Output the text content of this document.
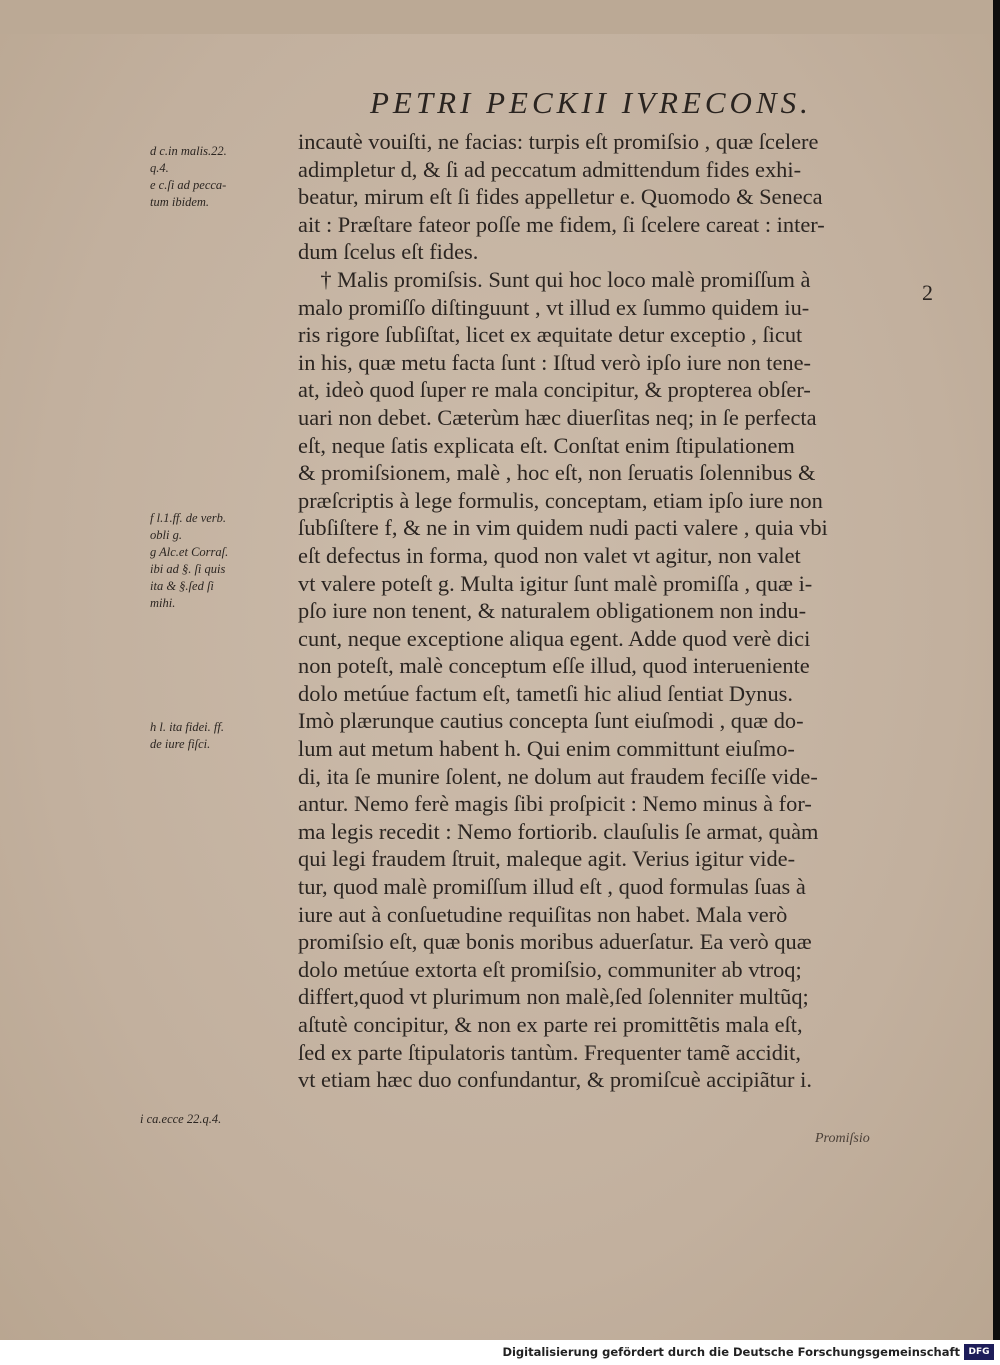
PETRI PECKII IVRECONS.
d c.in malis.22.
q.4.
e c.ſi ad pecca-
tum ibidem.
f l.1.ff. de verb.
obli g.
g Alc.et Corraſ.
ibi ad §. ſi quis
ita & §.ſed ſi
mihi.
h l. ita fidei. ff.
de iure fiſci.
i ca.ecce 22.q.4.
incautè vouiſti, ne facias: turpis eſt promiſsio , quæ ſcelere
adimpletur d, & ſi ad peccatum admittendum fides exhi-
beatur, mirum eſt ſi fides appelletur e. Quomodo & Seneca
ait : Præſtare fateor poſſe me fidem, ſi ſcelere careat : inter-
dum ſcelus eſt fides.
† Malis promiſsis. Sunt qui hoc loco malè promiſſum à
malo promiſſo diſtinguunt , vt illud ex ſummo quidem iu-
ris rigore ſubſiſtat, licet ex æquitate detur exceptio , ſicut
in his, quæ metu facta ſunt : Iſtud verò ipſo iure non tene-
at, ideò quod ſuper re mala concipitur, & propterea obſer-
uari non debet. Cæterùm hæc diuerſitas neq; in ſe perfecta
eſt, neque ſatis explicata eſt. Conſtat enim ſtipulationem
& promiſsionem, malè , hoc eſt, non ſeruatis ſolennibus &
præſcriptis à lege formulis, conceptam, etiam ipſo iure non
ſubſiſtere f, & ne in vim quidem nudi pacti valere , quia vbi
eſt defectus in forma, quod non valet vt agitur, non valet
vt valere poteſt g. Multa igitur ſunt malè promiſſa , quæ i-
pſo iure non tenent, & naturalem obligationem non indu-
cunt, neque exceptione aliqua egent. Adde quod verè dici
non poteſt, malè conceptum eſſe illud, quod interueniente
dolo metúue factum eſt, tametſi hic aliud ſentiat Dynus.
Imò plærunque cautius concepta ſunt eiuſmodi , quæ do-
lum aut metum habent h. Qui enim committunt eiuſmo-
di, ita ſe munire ſolent, ne dolum aut fraudem feciſſe vide-
antur. Nemo ferè magis ſibi proſpicit : Nemo minus à for-
ma legis recedit : Nemo fortiorib. clauſulis ſe armat, quàm
qui legi fraudem ſtruit, maleque agit. Verius igitur vide-
tur, quod malè promiſſum illud eſt , quod formulas ſuas à
iure aut à conſuetudine requiſitas non habet. Mala verò
promiſsio eſt, quæ bonis moribus aduerſatur. Ea verò quæ
dolo metúue extorta eſt promiſsio, communiter ab vtroq;
differt,quod vt plurimum non malè,ſed ſolenniter multũq;
aſtutè concipitur, & non ex parte rei promittẽtis mala eſt,
ſed ex parte ſtipulatoris tantùm. Frequenter tamẽ accidit,
vt etiam hæc duo confundantur, & promiſcuè accipiãtur i.

2
Promiſsio
Digitalisierung gefördert durch die Deutsche Forschungsgemeinschaft DFG
